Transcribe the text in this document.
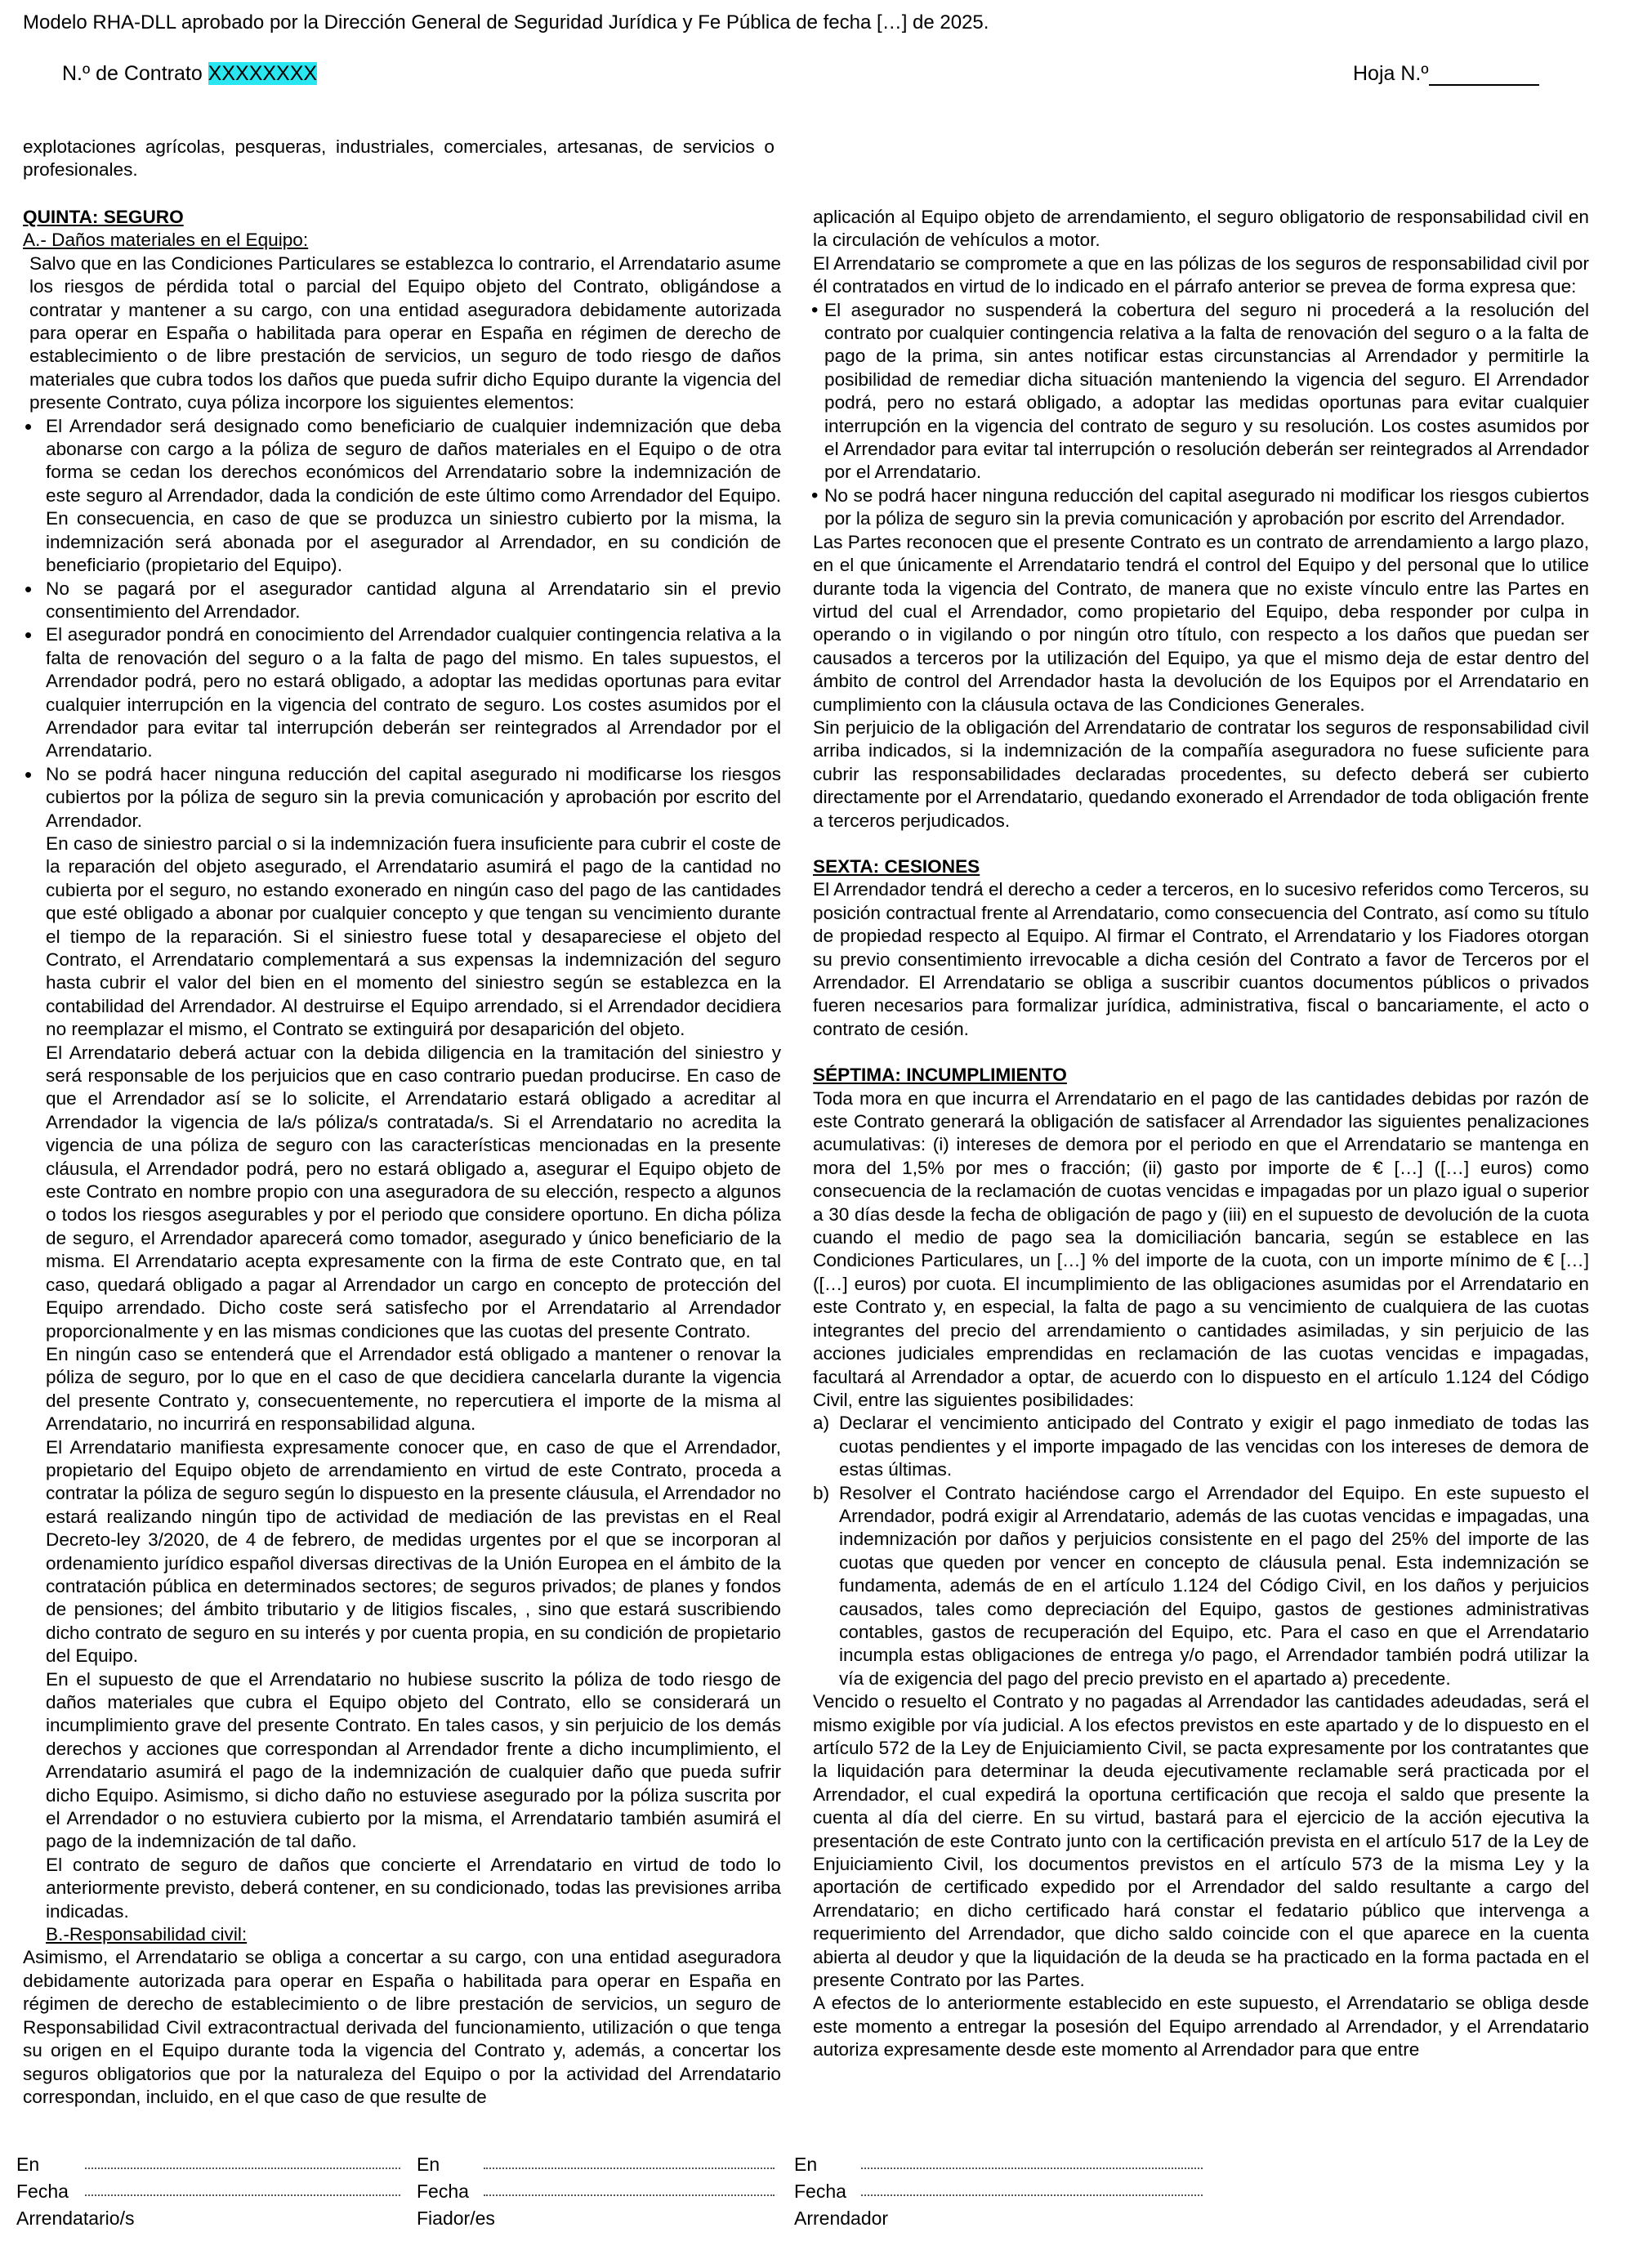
Modelo RHA-DLL aprobado por la Dirección General de Seguridad Jurídica y Fe Pública de fecha […] de 2025.
N.º de Contrato XXXXXXXX	Hoja N.º
explotaciones agrícolas, pesqueras, industriales, comerciales, artesanas, de servicios o profesionales.

QUINTA: SEGURO

A.- Daños materiales en el Equipo:

Salvo que en las Condiciones Particulares se establezca lo contrario, el Arrendatario asume los riesgos de pérdida total o parcial del Equipo objeto del Contrato, obligándose a contratar y mantener a su cargo, con una entidad aseguradora debidamente autorizada para operar en España o habilitada para operar en España en régimen de derecho de establecimiento o de libre prestación de servicios, un seguro de todo riesgo de daños materiales que cubra todos los daños que pueda sufrir dicho Equipo durante la vigencia del presente Contrato, cuya póliza incorpore los siguientes elementos:

• El Arrendador será designado como beneficiario de cualquier indemnización que deba abonarse con cargo a la póliza de seguro de daños materiales en el Equipo o de otra forma se cedan los derechos económicos del Arrendatario sobre la indemnización de este seguro al Arrendador, dada la condición de este último como Arrendador del Equipo. En consecuencia, en caso de que se produzca un siniestro cubierto por la misma, la indemnización será abonada por el asegurador al Arrendador, en su condición de beneficiario (propietario del Equipo).
• No se pagará por el asegurador cantidad alguna al Arrendatario sin el previo consentimiento del Arrendador.
• El asegurador pondrá en conocimiento del Arrendador cualquier contingencia relativa a la falta de renovación del seguro o a la falta de pago del mismo. En tales supuestos, el Arrendador podrá, pero no estará obligado, a adoptar las medidas oportunas para evitar cualquier interrupción en la vigencia del contrato de seguro. Los costes asumidos por el Arrendador para evitar tal interrupción deberán ser reintegrados al Arrendador por el Arrendatario.
• No se podrá hacer ninguna reducción del capital asegurado ni modificarse los riesgos cubiertos por la póliza de seguro sin la previa comunicación y aprobación por escrito del Arrendador.

En caso de siniestro parcial o si la indemnización fuera insuficiente para cubrir el coste de la reparación del objeto asegurado, el Arrendatario asumirá el pago de la cantidad no cubierta por el seguro, no estando exonerado en ningún caso del pago de las cantidades que esté obligado a abonar por cualquier concepto y que tengan su vencimiento durante el tiempo de la reparación. Si el siniestro fuese total y desapareciese el objeto del Contrato, el Arrendatario complementará a sus expensas la indemnización del seguro hasta cubrir el valor del bien en el momento del siniestro según se establezca en la contabilidad del Arrendador. Al destruirse el Equipo arrendado, si el Arrendador decidiera no reemplazar el mismo, el Contrato se extinguirá por desaparición del objeto.

El Arrendatario deberá actuar con la debida diligencia en la tramitación del siniestro y será responsable de los perjuicios que en caso contrario puedan producirse. En caso de que el Arrendador así se lo solicite, el Arrendatario estará obligado a acreditar al Arrendador la vigencia de la/s póliza/s contratada/s. Si el Arrendatario no acredita la vigencia de una póliza de seguro con las características mencionadas en la presente cláusula, el Arrendador podrá, pero no estará obligado a, asegurar el Equipo objeto de este Contrato en nombre propio con una aseguradora de su elección, respecto a algunos o todos los riesgos asegurables y por el periodo que considere oportuno. En dicha póliza de seguro, el Arrendador aparecerá como tomador, asegurado y único beneficiario de la misma. El Arrendatario acepta expresamente con la firma de este Contrato que, en tal caso, quedará obligado a pagar al Arrendador un cargo en concepto de protección del Equipo arrendado. Dicho coste será satisfecho por el Arrendatario al Arrendador proporcionalmente y en las mismas condiciones que las cuotas del presente Contrato.

En ningún caso se entenderá que el Arrendador está obligado a mantener o renovar la póliza de seguro, por lo que en el caso de que decidiera cancelarla durante la vigencia del presente Contrato y, consecuentemente, no repercutiera el importe de la misma al Arrendatario, no incurrirá en responsabilidad alguna.

El Arrendatario manifiesta expresamente conocer que, en caso de que el Arrendador, propietario del Equipo objeto de arrendamiento en virtud de este Contrato, proceda a contratar la póliza de seguro según lo dispuesto en la presente cláusula, el Arrendador no estará realizando ningún tipo de actividad de mediación de las previstas en el Real Decreto-ley 3/2020, de 4 de febrero, de medidas urgentes por el que se incorporan al ordenamiento jurídico español diversas directivas de la Unión Europea en el ámbito de la contratación pública en determinados sectores; de seguros privados; de planes y fondos de pensiones; del ámbito tributario y de litigios fiscales, , sino que estará suscribiendo dicho contrato de seguro en su interés y por cuenta propia, en su condición de propietario del Equipo.

En el supuesto de que el Arrendatario no hubiese suscrito la póliza de todo riesgo de daños materiales que cubra el Equipo objeto del Contrato, ello se considerará un incumplimiento grave del presente Contrato. En tales casos, y sin perjuicio de los demás derechos y acciones que correspondan al Arrendador frente a dicho incumplimiento, el Arrendatario asumirá el pago de la indemnización de cualquier daño que pueda sufrir dicho Equipo. Asimismo, si dicho daño no estuviese asegurado por la póliza suscrita por el Arrendador o no estuviera cubierto por la misma, el Arrendatario también asumirá el pago de la indemnización de tal daño.

El contrato de seguro de daños que concierte el Arrendatario en virtud de todo lo anteriormente previsto, deberá contener, en su condicionado, todas las previsiones arriba indicadas.

B.-Responsabilidad civil:

Asimismo, el Arrendatario se obliga a concertar a su cargo, con una entidad aseguradora debidamente autorizada para operar en España o habilitada para operar en España en régimen de derecho de establecimiento o de libre prestación de servicios, un seguro de Responsabilidad Civil extracontractual derivada del funcionamiento, utilización o que tenga su origen en el Equipo durante toda la vigencia del Contrato y, además, a concertar los seguros obligatorios que por la naturaleza del Equipo o por la actividad del Arrendatario correspondan, incluido, en el que caso de que resulte de

aplicación al Equipo objeto de arrendamiento, el seguro obligatorio de responsabilidad civil en la circulación de vehículos a motor.

El Arrendatario se compromete a que en las pólizas de los seguros de responsabilidad civil por él contratados en virtud de lo indicado en el párrafo anterior se prevea de forma expresa que:

• El asegurador no suspenderá la cobertura del seguro ni procederá a la resolución del contrato por cualquier contingencia relativa a la falta de renovación del seguro o a la falta de pago de la prima, sin antes notificar estas circunstancias al Arrendador y permitirle la posibilidad de remediar dicha situación manteniendo la vigencia del seguro. El Arrendador podrá, pero no estará obligado, a adoptar las medidas oportunas para evitar cualquier interrupción en la vigencia del contrato de seguro y su resolución. Los costes asumidos por el Arrendador para evitar tal interrupción o resolución deberán ser reintegrados al Arrendador por el Arrendatario.
• No se podrá hacer ninguna reducción del capital asegurado ni modificar los riesgos cubiertos por la póliza de seguro sin la previa comunicación y aprobación por escrito del Arrendador.

Las Partes reconocen que el presente Contrato es un contrato de arrendamiento a largo plazo, en el que únicamente el Arrendatario tendrá el control del Equipo y del personal que lo utilice durante toda la vigencia del Contrato, de manera que no existe vínculo entre las Partes en virtud del cual el Arrendador, como propietario del Equipo, deba responder por culpa in operando o in vigilando o por ningún otro título, con respecto a los daños que puedan ser causados a terceros por la utilización del Equipo, ya que el mismo deja de estar dentro del ámbito de control del Arrendador hasta la devolución de los Equipos por el Arrendatario en cumplimiento con la cláusula octava de las Condiciones Generales.

Sin perjuicio de la obligación del Arrendatario de contratar los seguros de responsabilidad civil arriba indicados, si la indemnización de la compañía aseguradora no fuese suficiente para cubrir las responsabilidades declaradas procedentes, su defecto deberá ser cubierto directamente por el Arrendatario, quedando exonerado el Arrendador de toda obligación frente a terceros perjudicados.

SEXTA: CESIONES

El Arrendador tendrá el derecho a ceder a terceros, en lo sucesivo referidos como Terceros, su posición contractual frente al Arrendatario, como consecuencia del Contrato, así como su título de propiedad respecto al Equipo. Al firmar el Contrato, el Arrendatario y los Fiadores otorgan su previo consentimiento irrevocable a dicha cesión del Contrato a favor de Terceros por el Arrendador. El Arrendatario se obliga a suscribir cuantos documentos públicos o privados fueren necesarios para formalizar jurídica, administrativa, fiscal o bancariamente, el acto o contrato de cesión.

SÉPTIMA: INCUMPLIMIENTO

Toda mora en que incurra el Arrendatario en el pago de las cantidades debidas por razón de este Contrato generará la obligación de satisfacer al Arrendador las siguientes penalizaciones acumulativas: (i) intereses de demora por el periodo en que el Arrendatario se mantenga en mora del 1,5% por mes o fracción; (ii) gasto por importe de € […] ([…] euros) como consecuencia de la reclamación de cuotas vencidas e impagadas por un plazo igual o superior a 30 días desde la fecha de obligación de pago y (iii) en el supuesto de devolución de la cuota cuando el medio de pago sea la domiciliación bancaria, según se establece en las Condiciones Particulares, un […] % del importe de la cuota, con un importe mínimo de € […] ([…] euros) por cuota. El incumplimiento de las obligaciones asumidas por el Arrendatario en este Contrato y, en especial, la falta de pago a su vencimiento de cualquiera de las cuotas integrantes del precio del arrendamiento o cantidades asimiladas, y sin perjuicio de las acciones judiciales emprendidas en reclamación de las cuotas vencidas e impagadas, facultará al Arrendador a optar, de acuerdo con lo dispuesto en el artículo 1.124 del Código Civil, entre las siguientes posibilidades:

a) Declarar el vencimiento anticipado del Contrato y exigir el pago inmediato de todas las cuotas pendientes y el importe impagado de las vencidas con los intereses de demora de estas últimas.
b) Resolver el Contrato haciéndose cargo el Arrendador del Equipo. En este supuesto el Arrendador, podrá exigir al Arrendatario, además de las cuotas vencidas e impagadas, una indemnización por daños y perjuicios consistente en el pago del 25% del importe de las cuotas que queden por vencer en concepto de cláusula penal. Esta indemnización se fundamenta, además de en el artículo 1.124 del Código Civil, en los daños y perjuicios causados, tales como depreciación del Equipo, gastos de gestiones administrativas contables, gastos de recuperación del Equipo, etc. Para el caso en que el Arrendatario incumpla estas obligaciones de entrega y/o pago, el Arrendador también podrá utilizar la vía de exigencia del pago del precio previsto en el apartado a) precedente.

Vencido o resuelto el Contrato y no pagadas al Arrendador las cantidades adeudadas, será el mismo exigible por vía judicial. A los efectos previstos en este apartado y de lo dispuesto en el artículo 572 de la Ley de Enjuiciamiento Civil, se pacta expresamente por los contratantes que la liquidación para determinar la deuda ejecutivamente reclamable será practicada por el Arrendador, el cual expedirá la oportuna certificación que recoja el saldo que presente la cuenta al día del cierre. En su virtud, bastará para el ejercicio de la acción ejecutiva la presentación de este Contrato junto con la certificación prevista en el artículo 517 de la Ley de Enjuiciamiento Civil, los documentos previstos en el artículo 573 de la misma Ley y la aportación de certificado expedido por el Arrendador del saldo resultante a cargo del Arrendatario; en dicho certificado hará constar el fedatario público que intervenga a requerimiento del Arrendador, que dicho saldo coincide con el que aparece en la cuenta abierta al deudor y que la liquidación de la deuda se ha practicado en la forma pactada en el presente Contrato por las Partes.

A efectos de lo anteriormente establecido en este supuesto, el Arrendatario se obliga desde este momento a entregar la posesión del Equipo arrendado al Arrendador, y el Arrendatario autoriza expresamente desde este momento al Arrendador para que entre

En
Fecha
Arrendatario/s
En
Fecha
Fiador/es
En
Fecha
Arrendador
